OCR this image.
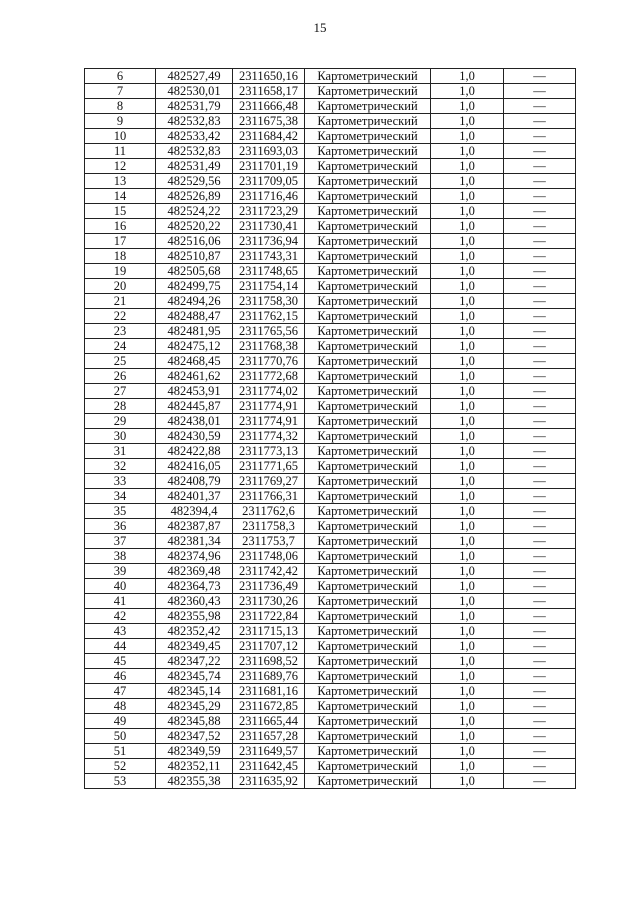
15
6	482527,49	2311650,16	Картометрический	1,0	—
7	482530,01	2311658,17	Картометрический	1,0	—
8	482531,79	2311666,48	Картометрический	1,0	—
9	482532,83	2311675,38	Картометрический	1,0	—
10	482533,42	2311684,42	Картометрический	1,0	—
11	482532,83	2311693,03	Картометрический	1,0	—
12	482531,49	2311701,19	Картометрический	1,0	—
13	482529,56	2311709,05	Картометрический	1,0	—
14	482526,89	2311716,46	Картометрический	1,0	—
15	482524,22	2311723,29	Картометрический	1,0	—
16	482520,22	2311730,41	Картометрический	1,0	—
17	482516,06	2311736,94	Картометрический	1,0	—
18	482510,87	2311743,31	Картометрический	1,0	—
19	482505,68	2311748,65	Картометрический	1,0	—
20	482499,75	2311754,14	Картометрический	1,0	—
21	482494,26	2311758,30	Картометрический	1,0	—
22	482488,47	2311762,15	Картометрический	1,0	—
23	482481,95	2311765,56	Картометрический	1,0	—
24	482475,12	2311768,38	Картометрический	1,0	—
25	482468,45	2311770,76	Картометрический	1,0	—
26	482461,62	2311772,68	Картометрический	1,0	—
27	482453,91	2311774,02	Картометрический	1,0	—
28	482445,87	2311774,91	Картометрический	1,0	—
29	482438,01	2311774,91	Картометрический	1,0	—
30	482430,59	2311774,32	Картометрический	1,0	—
31	482422,88	2311773,13	Картометрический	1,0	—
32	482416,05	2311771,65	Картометрический	1,0	—
33	482408,79	2311769,27	Картометрический	1,0	—
34	482401,37	2311766,31	Картометрический	1,0	—
35	482394,4	2311762,6	Картометрический	1,0	—
36	482387,87	2311758,3	Картометрический	1,0	—
37	482381,34	2311753,7	Картометрический	1,0	—
38	482374,96	2311748,06	Картометрический	1,0	—
39	482369,48	2311742,42	Картометрический	1,0	—
40	482364,73	2311736,49	Картометрический	1,0	—
41	482360,43	2311730,26	Картометрический	1,0	—
42	482355,98	2311722,84	Картометрический	1,0	—
43	482352,42	2311715,13	Картометрический	1,0	—
44	482349,45	2311707,12	Картометрический	1,0	—
45	482347,22	2311698,52	Картометрический	1,0	—
46	482345,74	2311689,76	Картометрический	1,0	—
47	482345,14	2311681,16	Картометрический	1,0	—
48	482345,29	2311672,85	Картометрический	1,0	—
49	482345,88	2311665,44	Картометрический	1,0	—
50	482347,52	2311657,28	Картометрический	1,0	—
51	482349,59	2311649,57	Картометрический	1,0	—
52	482352,11	2311642,45	Картометрический	1,0	—
53	482355,38	2311635,92	Картометрический	1,0	—
